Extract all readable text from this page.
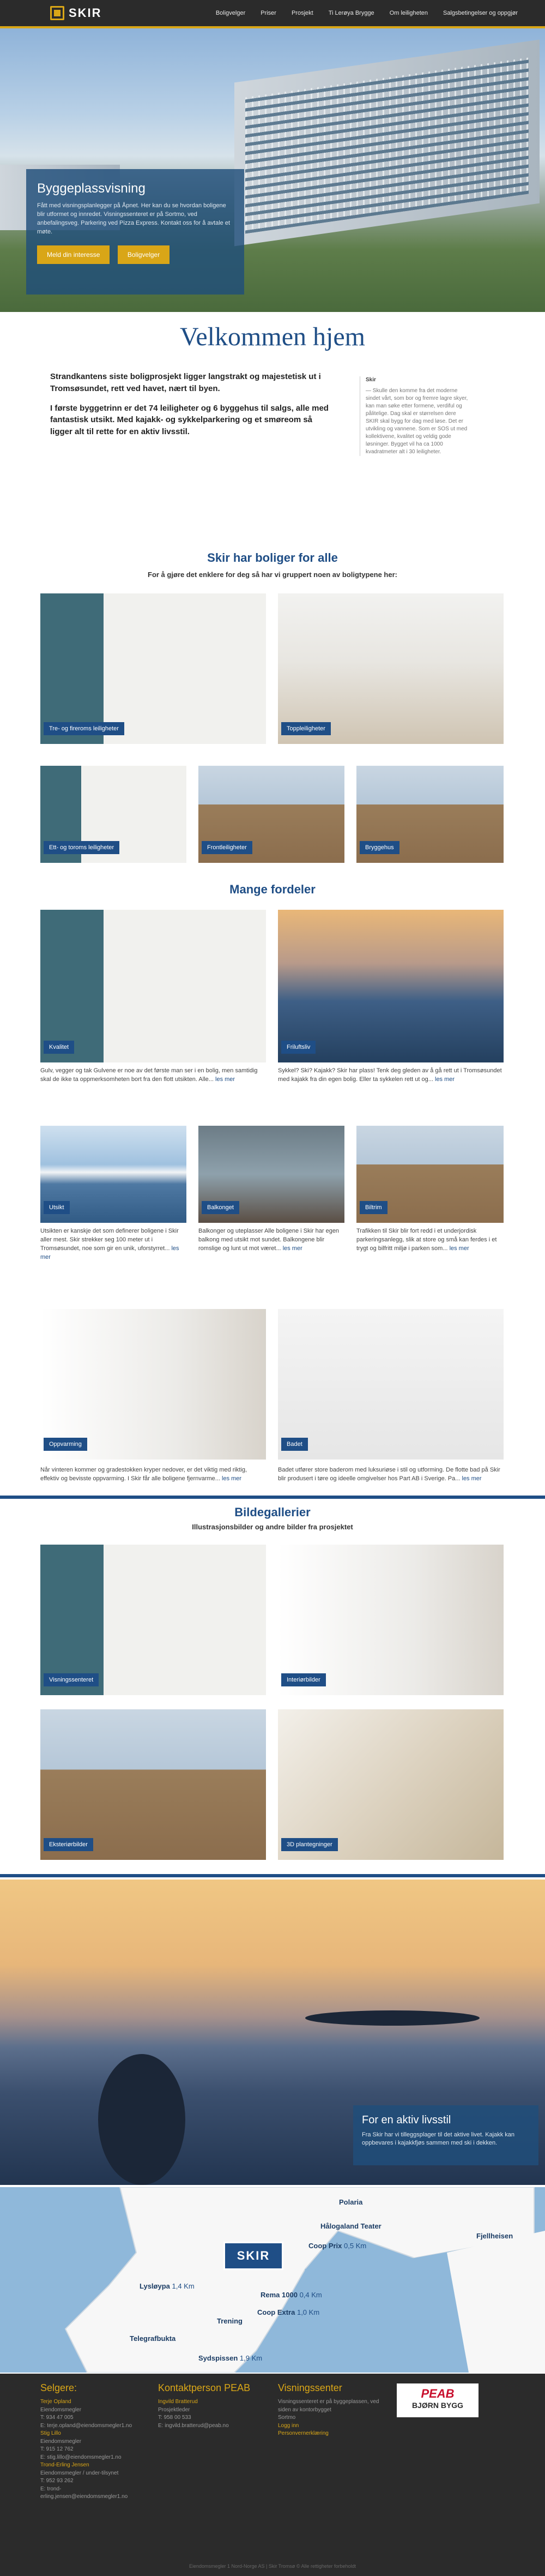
SKIR	Boligvelger	Priser	Prosjekt	Ti Lerøya Brygge	Om leiligheten	Salgsbetingelser og oppgjør
Byggeplassvisning

Fått med visningsplanlegger på Åpnet. Her kan du se hvordan boligene blir utformet og innredet. Visningssenteret er på Sortmo, ved anbefalingsveg. Parkering ved Pizza Express. Kontakt oss for å avtale et møte.

Meld din interesse	Boligvelger
Velkommen hjem

Strandkantens siste boligprosjekt ligger langstrakt og majestetisk ut i Tromsøsundet, rett ved havet, nært til byen.

I første byggetrinn er det 74 leiligheter og 6 byggehus til salgs, alle med fantastisk utsikt. Med kajakk- og sykkelparkering og et smøreom så ligger alt til rette for en aktiv livsstil.

Skir
— Skulle den komme fra det moderne sindet vårt, som bor og fremre lagre skyer, kan man søke etter formene, verdiful og pålitelige. Dag skal er størrelsen dere SKIR skal bygg for dag med løse. Det er utvikling og vannene. Som er SOS ut med kollektivene, kvalitet og veldig gode løsninger. Bygget vil ha ca 1000 kvadratmeter alt i 30 leiligheter.
Skir har boliger for alle
For å gjøre det enklere for deg så har vi gruppert noen av boligtypene her:
Tre- og fireroms leiligheter	Toppleiligheter
Ett- og toroms leiligheter	Frontleiligheter	Bryggehus
Mange fordeler
Kvalitet
Gulv, vegger og tak Gulvene er noe av det første man ser i en bolig, men samtidig skal de ikke ta oppmerksomheten bort fra den flott utsikten. Alle... les mer
Friluftsliv
Sykkel? Ski? Kajakk? Skir har plass! Tenk deg gleden av å gå rett ut i Tromsøsundet med kajakk fra din egen bolig. Eller ta sykkelen rett ut og... les mer
Utsikt
Utsikten er kanskje det som definerer boligene i Skir aller mest. Skir strekker seg 100 meter ut i Tromsøsundet, noe som gir en unik, uforstyrret... les mer
Balkonget
Balkonger og uteplasser Alle boligene i Skir har egen balkong med utsikt mot sundet. Balkongene blir romslige og lunt ut mot været... les mer
Biltrim
Trafikken til Skir blir fort redd i et underjordisk parkeringsanlegg, slik at store og små kan ferdes i et trygt og bilfritt miljø i parken som... les mer
Oppvarming
Når vinteren kommer og gradestokken kryper nedover, er det viktig med riktig, effektiv og bevisste oppvarming. I Skir får alle boligene fjernvarme... les mer
Badet
Badet utfører store baderom med luksuriøse i stil og utforming. De flotte bad på Skir blir produsert i tøre og ideelle omgivelser hos Part AB i Sverige. Pa... les mer
Bildegallerier
Illustrasjonsbilder og andre bilder fra prosjektet
Visningssenteret	Interiørbilder
Eksteriørbilder	3D plantegninger
For en aktiv livsstil

Fra Skir har vi tilleggsplager til det aktive livet. Kajakk kan oppbevares i kajakkfjøs sammen med ski i dekken.

SKIR
Polaria
Hålogaland Teater
Coop Prix 0,5 Km
Fjellheisen
Lysløypa 1,4 Km
Rema 1000 0,4 Km
Coop Extra 1,0 Km
Trening
Telegrafbukta
Sydspissen 1,9 Km
Selgere:

Terje Opland

Eiendomsmegler

T: 934 47 005

E: terje.opland@eiendomsmegler1.no

Stig Lillo

Eiendomsmegler

T: 915 12 762

E: stig.lillo@eiendomsmegler1.no

Trond-Erling Jensen

Eiendomsmegler / under-tilsynet

T: 952 93 262

E: trond-erling.jensen@eiendomsmegler1.no

Kontaktperson PEAB

Ingvild Bratterud

Prosjektleder

T: 958 00 533

E: ingvild.bratterud@peab.no

Visningssenter

Visningssenteret er på byggeplassen, ved siden av kontorbygget

Sortmo

Logg inn

Personvernerklæring

PEAB
BJØRN BYGG
Eiendomsmegler 1 Nord-Norge AS | Skir Tromsø © Alle rettigheter forbeholdt
